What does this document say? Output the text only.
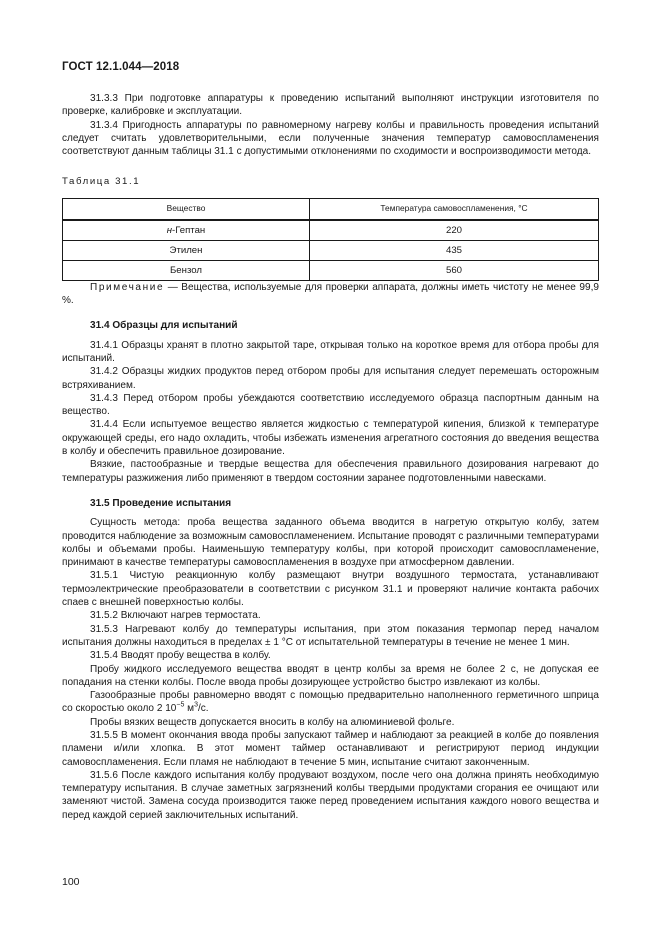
ГОСТ 12.1.044—2018

31.3.3 При подготовке аппаратуры к проведению испытаний выполняют инструкции изготовителя по проверке, калибровке и эксплуатации.

31.3.4 Пригодность аппаратуры по равномерному нагреву колбы и правильность проведения испытаний следует считать удовлетворительными, если полученные значения температур самовоспламенения соответствуют данным таблицы 31.1 с допустимыми отклонениями по сходимости и воспроизводимости метода.

Таблица 31.1
Вещество	Температура самовоспламенения, °С
н-Гептан	220
Этилен	435
Бензол	560

Примечание — Вещества, используемые для проверки аппарата, должны иметь чистоту не менее 99,9 %.

31.4 Образцы для испытаний

31.4.1 Образцы хранят в плотно закрытой таре, открывая только на короткое время для отбора пробы для испытаний.

31.4.2 Образцы жидких продуктов перед отбором пробы для испытания следует перемешать осторожным встряхиванием.

31.4.3 Перед отбором пробы убеждаются соответствию исследуемого образца паспортным данным на вещество.

31.4.4 Если испытуемое вещество является жидкостью с температурой кипения, близкой к температуре окружающей среды, его надо охладить, чтобы избежать изменения агрегатного состояния до введения вещества в колбу и обеспечить правильное дозирование.

Вязкие, пастообразные и твердые вещества для обеспечения правильного дозирования нагревают до температуры разжижения либо применяют в твердом состоянии заранее подготовленными навесками.

31.5 Проведение испытания

Сущность метода: проба вещества заданного объема вводится в нагретую открытую колбу, затем проводится наблюдение за возможным самовоспламенением. Испытание проводят с различными температурами колбы и объемами пробы. Наименьшую температуру колбы, при которой происходит самовоспламенение, принимают в качестве температуры самовоспламенения в воздухе при атмосферном давлении.

31.5.1 Чистую реакционную колбу размещают внутри воздушного термостата, устанавливают термоэлектрические преобразователи в соответствии с рисунком 31.1 и проверяют наличие контакта рабочих спаев с внешней поверхностью колбы.

31.5.2 Включают нагрев термостата.

31.5.3 Нагревают колбу до температуры испытания, при этом показания термопар перед началом испытания должны находиться в пределах ± 1 °С от испытательной температуры в течение не менее 1 мин.

31.5.4 Вводят пробу вещества в колбу.

Пробу жидкого исследуемого вещества вводят в центр колбы за время не более 2 с, не допуская ее попадания на стенки колбы. После ввода пробы дозирующее устройство быстро извлекают из колбы.

Газообразные пробы равномерно вводят с помощью предварительно наполненного герметичного шприца со скоростью около 2 $10^{-5}$ $м^3/с$.

Пробы вязких веществ допускается вносить в колбу на алюминиевой фольге.

31.5.5 В момент окончания ввода пробы запускают таймер и наблюдают за реакцией в колбе до появления пламени и/или хлопка. В этот момент таймер останавливают и регистрируют период индукции самовоспламенения. Если пламя не наблюдают в течение 5 мин, испытание считают законченным.

31.5.6 После каждого испытания колбу продувают воздухом, после чего она должна принять необходимую температуру испытания. В случае заметных загрязнений колбы твердыми продуктами сгорания ее очищают или заменяют чистой. Замена сосуда производится также перед проведением испытания каждого нового вещества и перед каждой серией заключительных испытаний.

100
